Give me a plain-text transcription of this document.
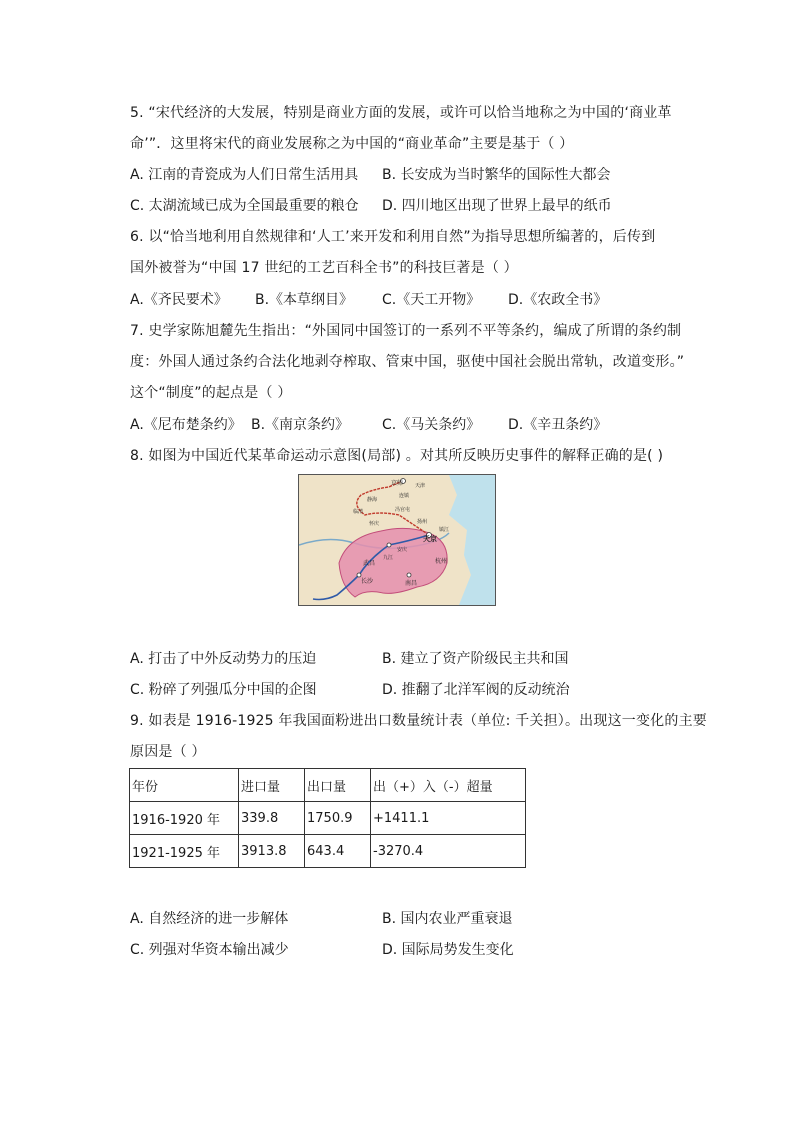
5. “宋代经济的大发展，特别是商业方面的发展，或许可以恰当地称之为中国的‘商业革
命’”．这里将宋代的商业发展称之为中国的“商业革命”主要是基于（ ）
A. 江南的青瓷成为人们日常生活用具 B. 长安成为当时繁华的国际性大都会
C. 太湖流域已成为全国最重要的粮仓 D. 四川地区出现了世界上最早的纸币
6. 以“恰当地利用自然规律和‘人工’来开发和利用自然”为指导思想所编著的，后传到
国外被誉为“中国 17 世纪的工艺百科全书”的科技巨著是（ ）
A.《齐民要术》 B.《本草纲目》 C.《天工开物》 D.《农政全书》
7. 史学家陈旭麓先生指出：“外国同中国签订的一系列不平等条约，编成了所谓的条约制
度：外国人通过条约合法化地剥夺榨取、管束中国，驱使中国社会脱出常轨，改道变形。”
这个“制度”的起点是（ ）
A.《尼布楚条约》 B.《南京条约》 C.《马关条约》 D.《辛丑条约》
8. 如图为中国近代某革命运动示意图(局部) 。对其所反映历史事件的解释正确的是( )
京师 天津
静海
连镇
临清	冯官屯
怀庆	扬州
天京
安庆
武昌	杭州
南昌
长沙
镇江
九江
A. 打击了中外反动势力的压迫	B. 建立了资产阶级民主共和国
C. 粉碎了列强瓜分中国的企图	D. 推翻了北洋军阀的反动统治
9. 如表是 1916-1925 年我国面粉进出口数量统计表（单位: 千关担）。出现这一变化的主要
原因是（ ）
年份	进口量	出口量	出（+）入（-）超量
1916-1920 年	339.8	1750.9	+1411.1
1921-1925 年	3913.8	643.4	-3270.4
A. 自然经济的进一步解体	B. 国内农业严重衰退
C. 列强对华资本输出减少	D. 国际局势发生变化
